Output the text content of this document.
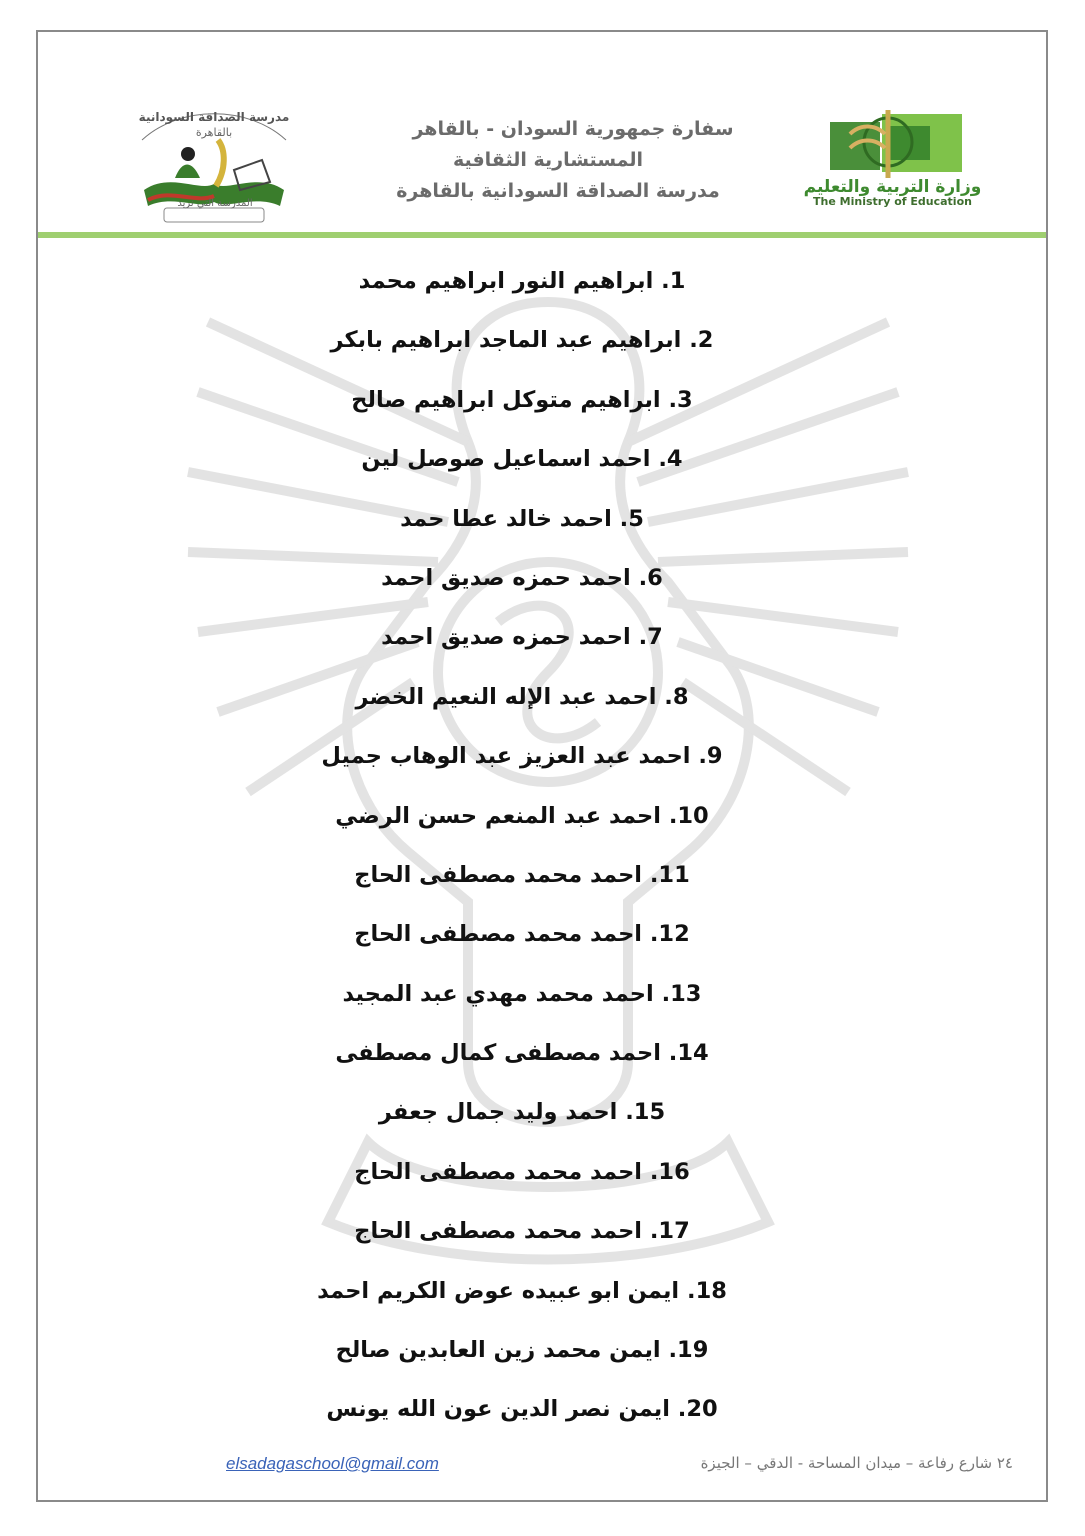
وزارة التربية والتعليم
The Ministry of Education
سفارة جمهورية السودان - بالقاهر
المستشارية الثقافية
مدرسة الصداقة السودانية بالقاهرة
مدرسة الصداقة السودانية
بالقاهرة
المدرسة التي نريد
1. ابراهيم النور ابراهيم محمد
2. ابراهيم عبد الماجد ابراهيم بابكر
3. ابراهيم متوكل ابراهيم صالح
4. احمد اسماعيل صوصل لين
5. احمد خالد عطا حمد
6. احمد حمزه صديق احمد
7. احمد حمزه صديق احمد
8. احمد عبد الإله النعيم الخضر
9. احمد عبد العزيز عبد الوهاب جميل
10. احمد عبد المنعم حسن الرضي
11. احمد محمد مصطفى الحاج
12. احمد محمد مصطفى الحاج
13. احمد محمد مهدي عبد المجيد
14. احمد مصطفى كمال مصطفى
15. احمد وليد جمال جعفر
16. احمد محمد مصطفى الحاج
17. احمد محمد مصطفى الحاج
18. ايمن ابو عبيده عوض الكريم احمد
19. ايمن محمد زين العابدين صالح
20. ايمن نصر الدين عون الله يونس
elsadagaschool@gmail.com	٢٤ شارع رفاعة – ميدان المساحة - الدقي – الجيزة
